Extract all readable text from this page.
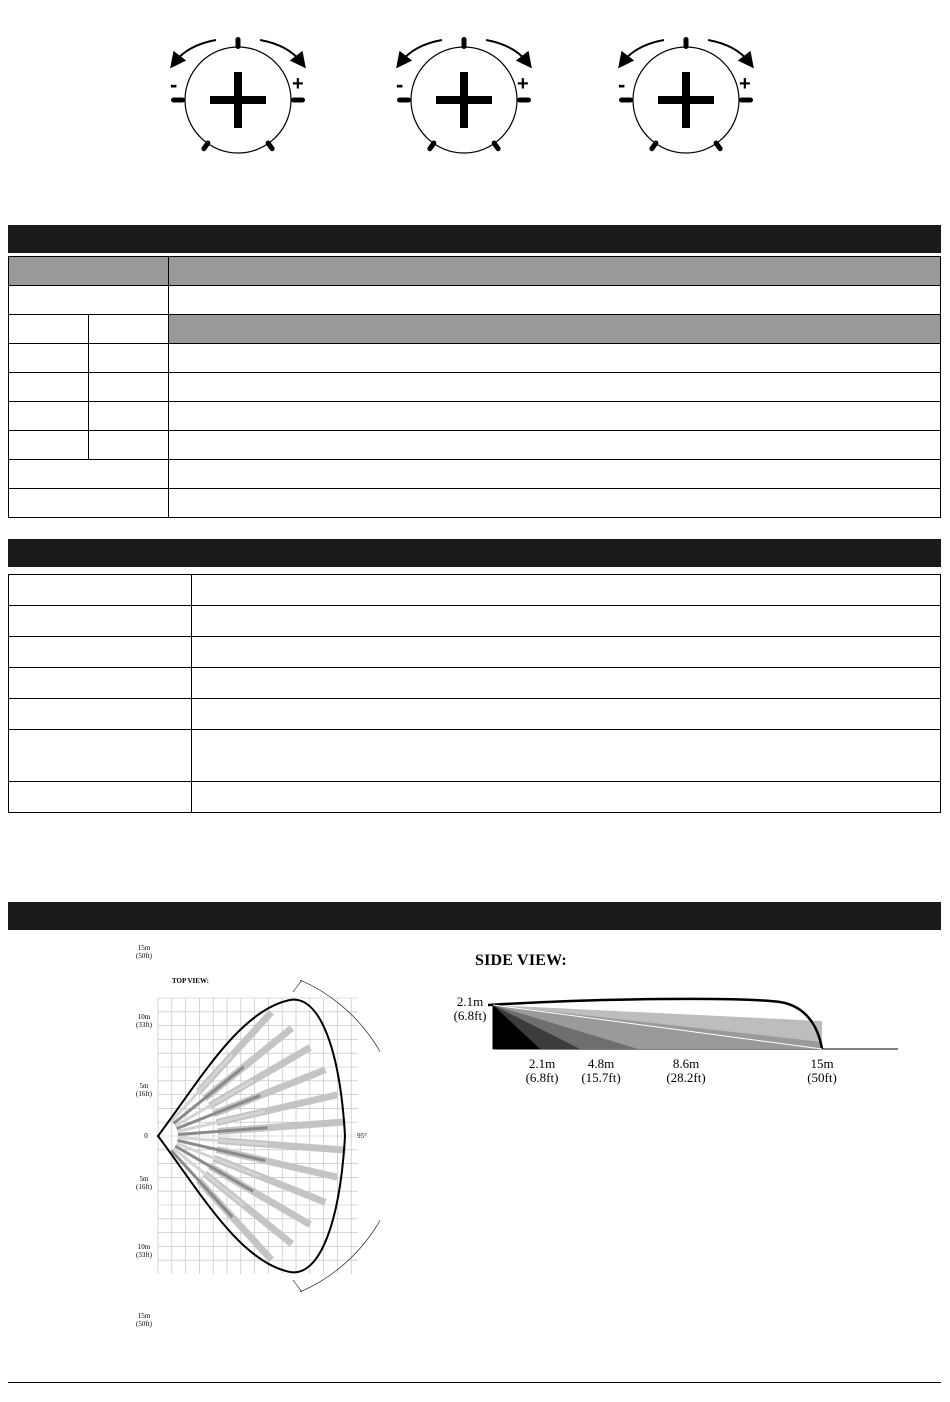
-	+	-	+	-	+

TOP VIEW:
95°
15m
(50ft)
10m
(33ft)
5m
(16ft)
0
5m
(16ft)
10m
(33ft)
15m
(50ft)
SIDE VIEW:
2.1m
(6.8ft)
2.1m
(6.8ft)
4.8m
(15.7ft)
8.6m
(28.2ft)
15m
(50ft)
